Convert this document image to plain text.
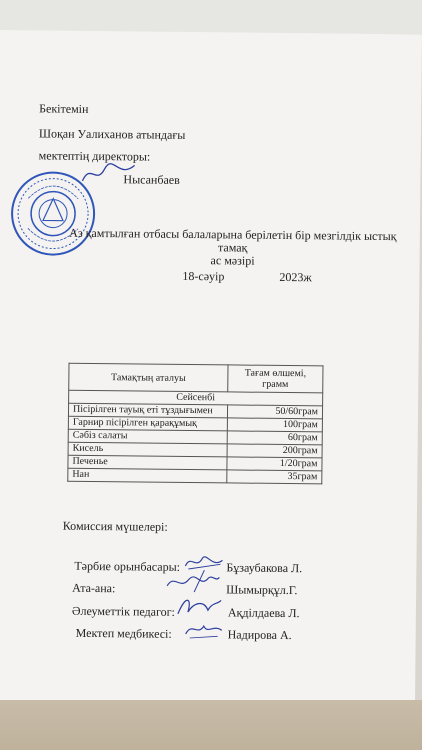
Бекітемін
Шоқан Уалиханов атындағы
мектептің директоры:
Нысанбаев
Аз қамтылған отбасы балаларына берілетін бір мезгілдік ыстық тамақ
ас мәзірі
18-сәуір	2023ж
Тамақтың аталуы	Тағам өлшемі, грамм
Сейсенбі	
Пісірілген тауық еті тұздығымен	50/60грам
Гарнир пісірілген қарақұмық	100грам
Сәбіз салаты	60грам
Кисель	200грам
Печенье	1/20грам
Нан	35грам
Комиссия мүшелері:
Тәрбие орынбасары:	Бұзаубакова Л.
Ата-ана:	Шымырқұл.Г.
Әлеуметтік педагог:	Ақділдаева Л.
Мектеп медбикесі:	Надирова А.
